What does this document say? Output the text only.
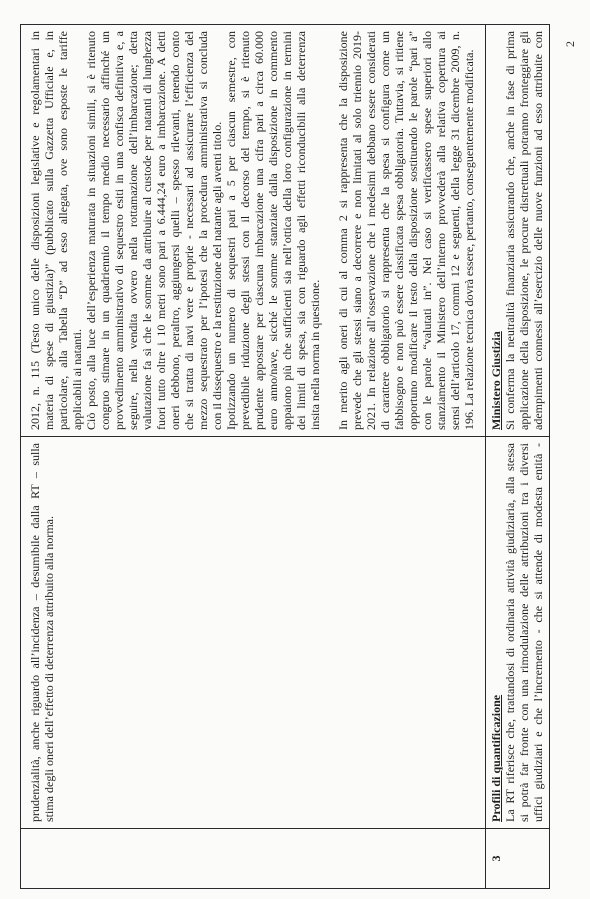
prudenzialità, anche riguardo all’incidenza – desumibile dalla RT – sulla stima degli oneri dell’effetto di deterrenza attribuito alla norma.
2012, n. 115 (Testo unico delle disposizioni legislative e regolamentari in materia di spese di giustizia)” (pubblicato sulla Gazzetta Ufficiale e, in particolare, alla Tabella “D” ad esso allegata, ove sono esposte le tariffe applicabili ai natanti. Ciò posto, alla luce dell’esperienza maturata in situazioni simili, si è ritenuto congruo stimare in un quadriennio il tempo medio necessario affinché un provvedimento amministrativo di sequestro esiti in una confisca definitiva e, a seguire, nella vendita ovvero nella rottamazione dell’imbarcazione; detta valutazione fa sì che le somme da attribuire al custode per natanti di lunghezza fuori tutto oltre i 10 metri sono pari a 6.444,24 euro a imbarcazione. A detti oneri debbono, peraltro, aggiungersi quelli – spesso rilevanti, tenendo conto che si tratta di navi vere e proprie - necessari ad assicurare l’efficienza del mezzo sequestrato per l’ipotesi che la procedura amministrativa si concluda con il dissequestro e la restituzione del natante agli aventi titolo. Ipotizzando un numero di sequestri pari a 5 per ciascun semestre, con prevedibile riduzione degli stessi con il decorso del tempo, si è ritenuto prudente appostare per ciascuna imbarcazione una cifra pari a circa 60.000 euro anno/nave, sicché le somme stanziate dalla disposizione in commento appaiono più che sufficienti sia nell’ottica della loro configurazione in termini dei limiti di spesa, sia con riguardo agli effetti riconducibili alla deterrenza insita nella norma in questione. In merito agli oneri di cui al comma 2 si rappresenta che la disposizione prevede che gli stessi siano a decorrere e non limitati al solo triennio 2019- 2021. In relazione all’osservazione che i medesimi debbano essere considerati di carattere obbligatorio si rappresenta che la spesa si configura come un fabbisogno e non può essere classificata spesa obbligatoria. Tuttavia, si ritiene opportuno modificare il testo della disposizione sostituendo le parole “pari a” con le parole “valutati in”. Nel caso si verificassero spese superiori allo stanziamento il Ministero dell’interno provvederà alla relativa copertura ai sensi dell’articolo 17, commi 12 e seguenti, della legge 31 dicembre 2009, n. 196. La relazione tecnica dovrà essere, pertanto, conseguentemente modificata.
3
Profili di quantificazione La RT riferisce che, trattandosi di ordinaria attività giudiziaria, alla stessa si potrà far fronte con una rimodulazione delle attribuzioni tra i diversi uffici giudiziari e che l’incremento - che si attende di modesta entità -
Ministero Giustizia Si conferma la neutralità finanziaria assicurando che, anche in fase di prima applicazione della disposizione, le procure distrettuali potranno fronteggiare gli adempimenti connessi all’esercizio delle nuove funzioni ad esso attribuite con 2
